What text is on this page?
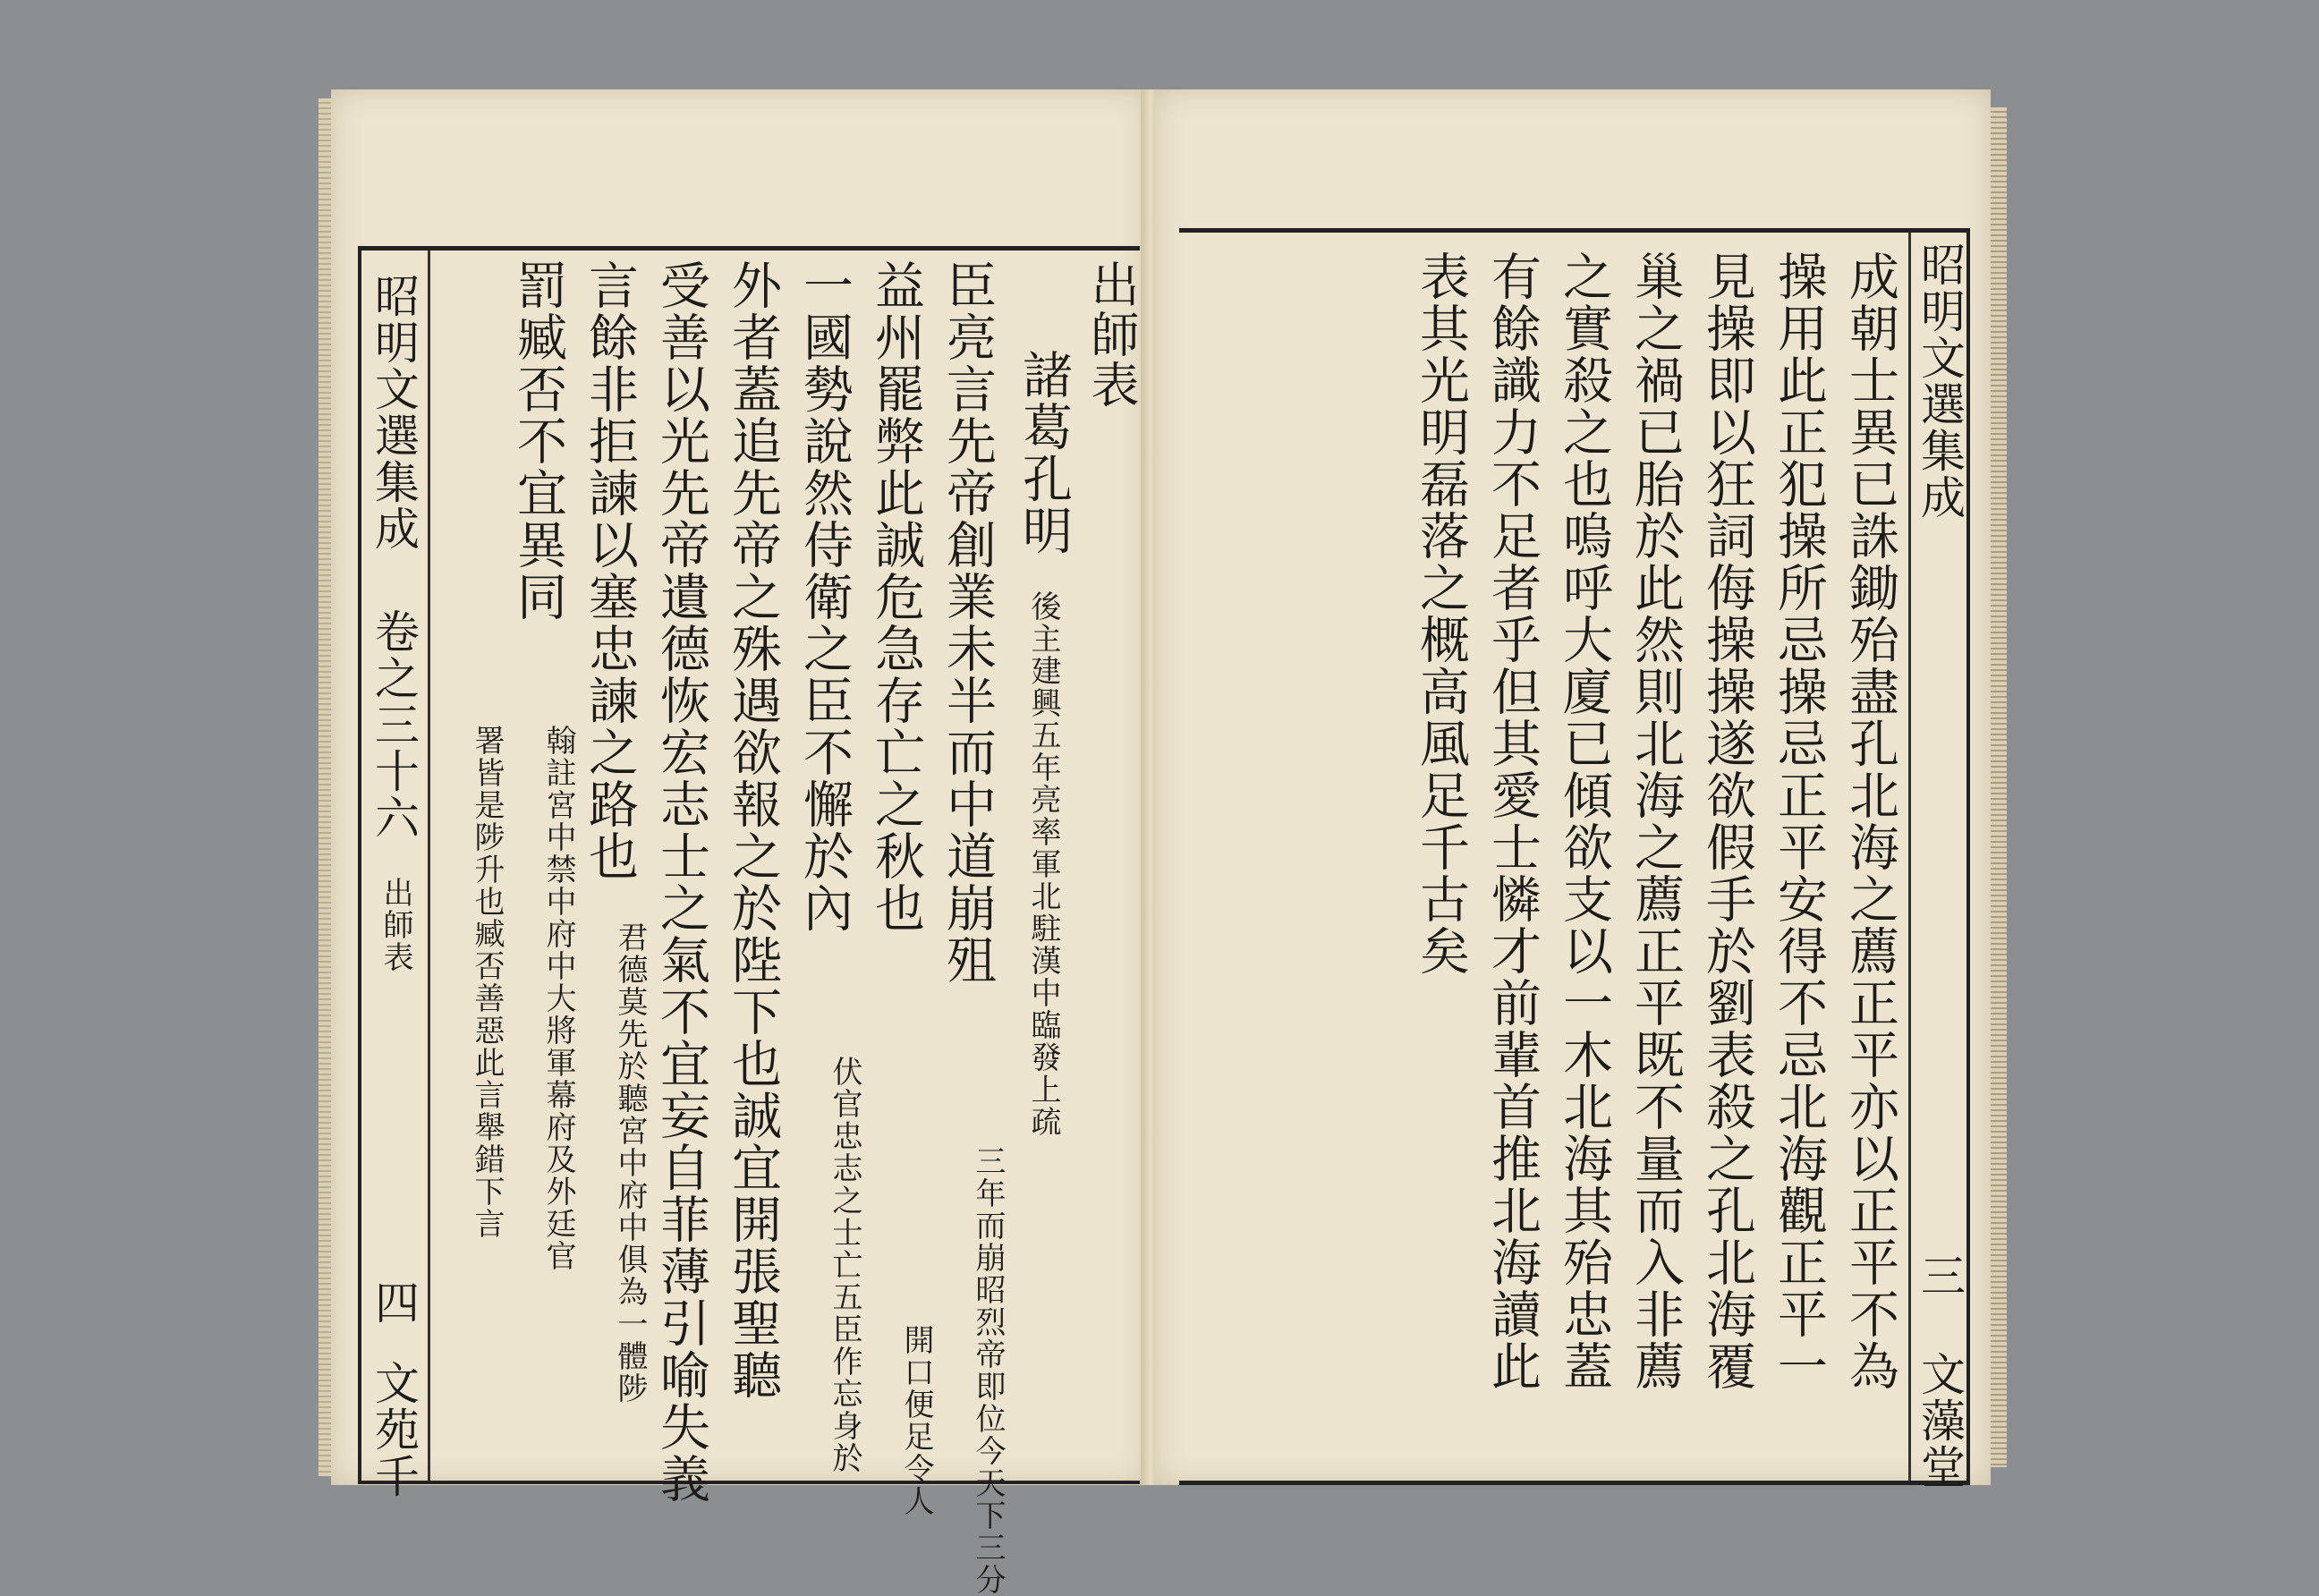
昭明文選集成
卷之三十六
出師表
四
文苑千
出師表
諸葛孔明
後主建興五年亮率軍北駐漢中臨發上疏
臣亮言先帝創業未半而中道崩殂
三年而崩昭烈帝即位今天下三分
益州罷弊此誠危急存亡之秋也
開口便足令人
一國勢說然侍衛之臣不懈於內
伏官忠志之士亡五臣作忘身於
外者蓋追先帝之殊遇欲報之於陛下也誠宜開張聖聽
受善以光先帝遺德恢宏志士之氣不宜妄自菲薄引喻失義
言餘非拒諫以塞忠諫之路也
君德莫先於聽宮中府中俱為一體陟
罰臧否不宜異同
翰註宮中禁中府中大將軍幕府及外廷官
署皆是陟升也臧否善惡此言舉錯下言	成朝士異已誅鋤殆盡孔北海之薦正平亦以正平不為
操用此正犯操所忌操忌正平安得不忌北海觀正平一
見操即以狂詞侮操操遂欲假手於劉表殺之孔北海覆
巢之禍已胎於此然則北海之薦正平既不量而入非薦
之實殺之也嗚呼大廈已傾欲支以一木北海其殆忠蓋
有餘識力不足者乎但其愛士憐才前輩首推北海讀此
表其光明磊落之概高風足千古矣	昭明文選集成
三
文藻堂
